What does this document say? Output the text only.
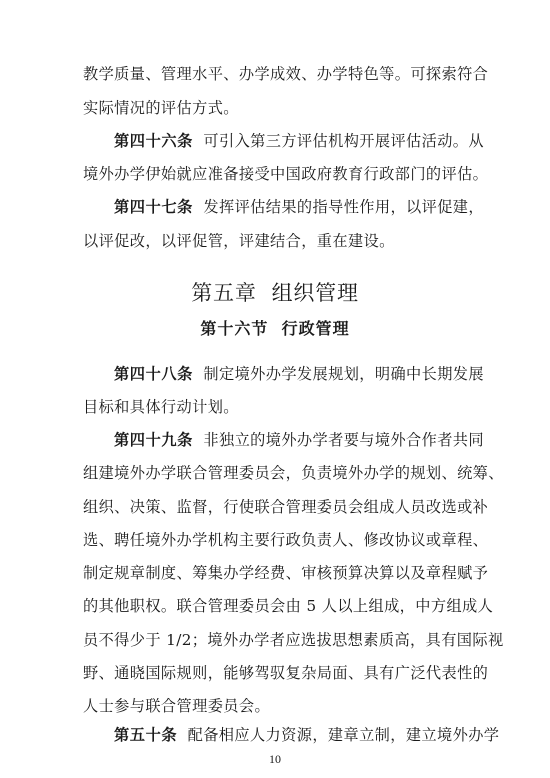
教学质量、管理水平、办学成效、办学特色等。可探索符合
实际情况的评估方式。
第四十六条 可引入第三方评估机构开展评估活动。从
境外办学伊始就应准备接受中国政府教育行政部门的评估。
第四十七条 发挥评估结果的指导性作用，以评促建，
以评促改，以评促管，评建结合，重在建设。
第五章 组织管理
第十六节 行政管理
第四十八条 制定境外办学发展规划，明确中长期发展
目标和具体行动计划。
第四十九条 非独立的境外办学者要与境外合作者共同
组建境外办学联合管理委员会，负责境外办学的规划、统筹、
组织、决策、监督，行使联合管理委员会组成人员改选或补
选、聘任境外办学机构主要行政负责人、修改协议或章程、
制定规章制度、筹集办学经费、审核预算决算以及章程赋予
的其他职权。联合管理委员会由 5 人以上组成，中方组成人
员不得少于 1/2；境外办学者应选拔思想素质高，具有国际视
野、通晓国际规则，能够驾驭复杂局面、具有广泛代表性的
人士参与联合管理委员会。
第五十条 配备相应人力资源，建章立制，建立境外办学
10
